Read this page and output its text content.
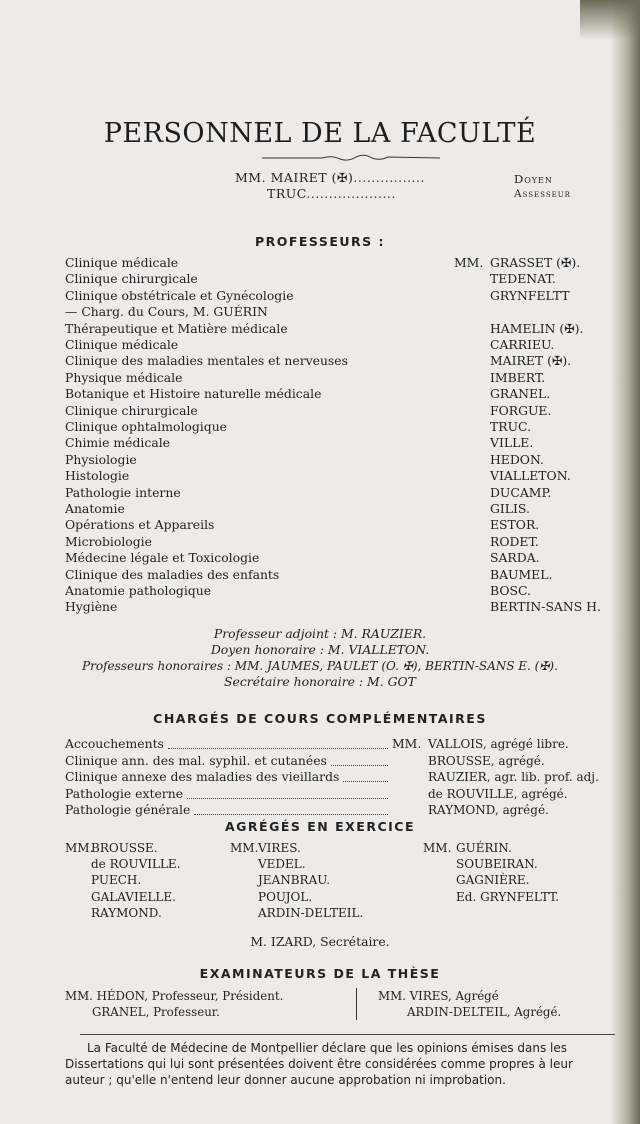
PERSONNEL DE LA FACULTÉ
MM. MAIRET (✠)................	Doyen
TRUC....................	Assesseur
PROFESSEURS :
MM.
Clinique médicale	GRASSET (✠).
Clinique chirurgicale	TEDENAT.
Clinique obstétricale et Gynécologie	GRYNFELTT
— Charg. du Cours, M. GUÉRIN
Thérapeutique et Matière médicale	HAMELIN (✠).
Clinique médicale	CARRIEU.
Clinique des maladies mentales et nerveuses	MAIRET (✠).
Physique médicale	IMBERT.
Botanique et Histoire naturelle médicale	GRANEL.
Clinique chirurgicale	FORGUE.
Clinique ophtalmologique	TRUC.
Chimie médicale	VILLE.
Physiologie	HEDON.
Histologie	VIALLETON.
Pathologie interne	DUCAMP.
Anatomie	GILIS.
Opérations et Appareils	ESTOR.
Microbiologie	RODET.
Médecine légale et Toxicologie	SARDA.
Clinique des maladies des enfants	BAUMEL.
Anatomie pathologique	BOSC.
Hygiène	BERTIN-SANS H.
Professeur adjoint : M. RAUZIER.
Doyen honoraire : M. VIALLETON.
Professeurs honoraires : MM. JAUMES, PAULET (O. ✠), BERTIN-SANS E. (✠).
Secrétaire honoraire : M. GOT
CHARGÉS DE COURS COMPLÉMENTAIRES
MM.
Accouchements	VALLOIS, agrégé libre.
Clinique ann. des mal. syphil. et cutanées	BROUSSE, agrégé.
Clinique annexe des maladies des vieillards	RAUZIER, agr. lib. prof. adj.
Pathologie externe	de ROUVILLE, agrégé.
Pathologie générale	RAYMOND, agrégé.
AGRÉGÉS EN EXERCICE
MM.
BROUSSE.
de ROUVILLE.
PUECH.
GALAVIELLE.
RAYMOND.
MM. VIRES.
VEDEL.
JEANBRAU.
POUJOL.
ARDIN-DELTEIL.
MM. GUÉRIN.
SOUBEIRAN.
GAGNIÈRE.
Ed. GRYNFELTT.
M. IZARD, Secrétaire.
EXAMINATEURS DE LA THÈSE
MM. HÉDON, Professeur, Président.
GRANEL, Professeur.
MM. VIRES, Agrégé
ARDIN-DELTEIL, Agrégé.
La Faculté de Médecine de Montpellier déclare que les opinions émises dans les Dissertations qui lui sont présentées doivent être considérées comme propres à leur auteur ; qu'elle n'entend leur donner aucune approbation ni improbation.
